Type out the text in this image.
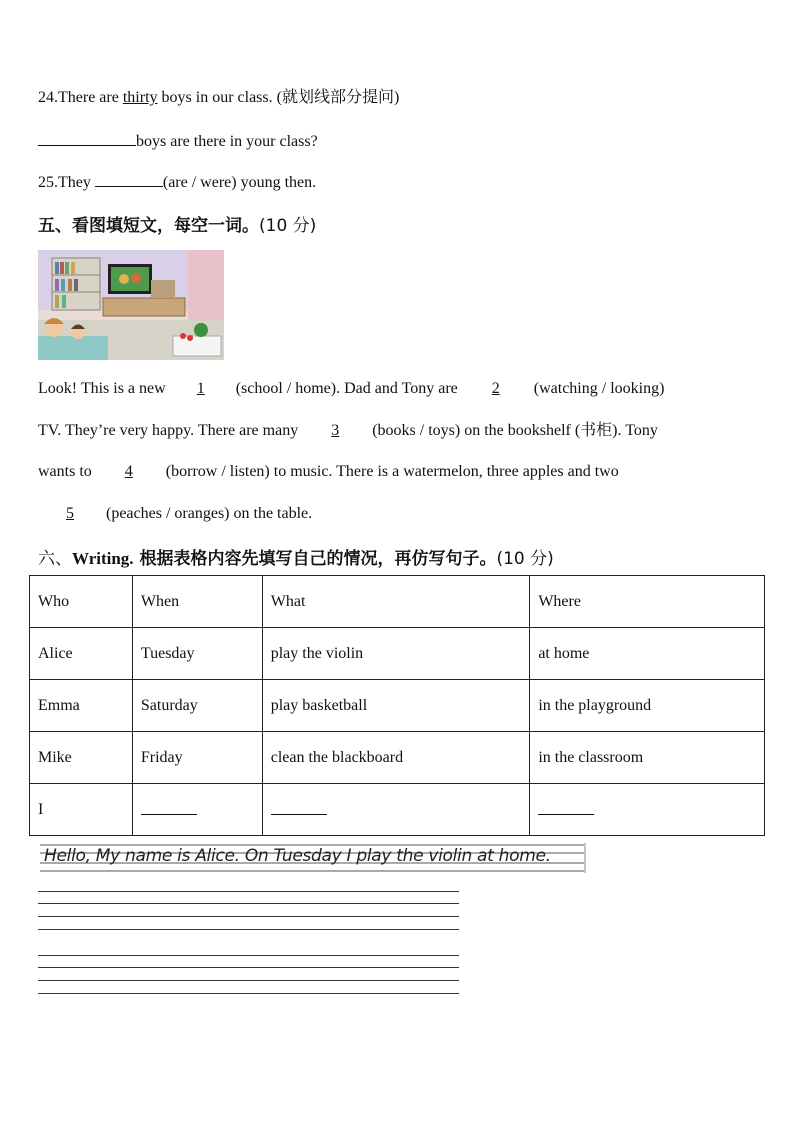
24.There are thirty boys in our class. (就划线部分提问)
boys are there in your class?
25.They	(are / were) young then.
五、看图填短文，每空一词。(10 分)
Look! This is a new 1 (school / home). Dad and Tony are 2 (watching / looking)
TV. They’re very happy. There are many 3 (books / toys) on the bookshelf (书柜). Tony
wants to 4 (borrow / listen) to music. There is a watermelon, three apples and two
5 (peaches / oranges) on the table.
六、Writing. 根据表格内容先填写自己的情况，再仿写句子。(10 分)
Who	When	What	Where
Alice	Tuesday	play the violin	at home
Emma	Saturday	play basketball	in the playground
Mike	Friday	clean the blackboard	in the classroom
I			
Hello, My name is Alice. On Tuesday I play the violin at home.
